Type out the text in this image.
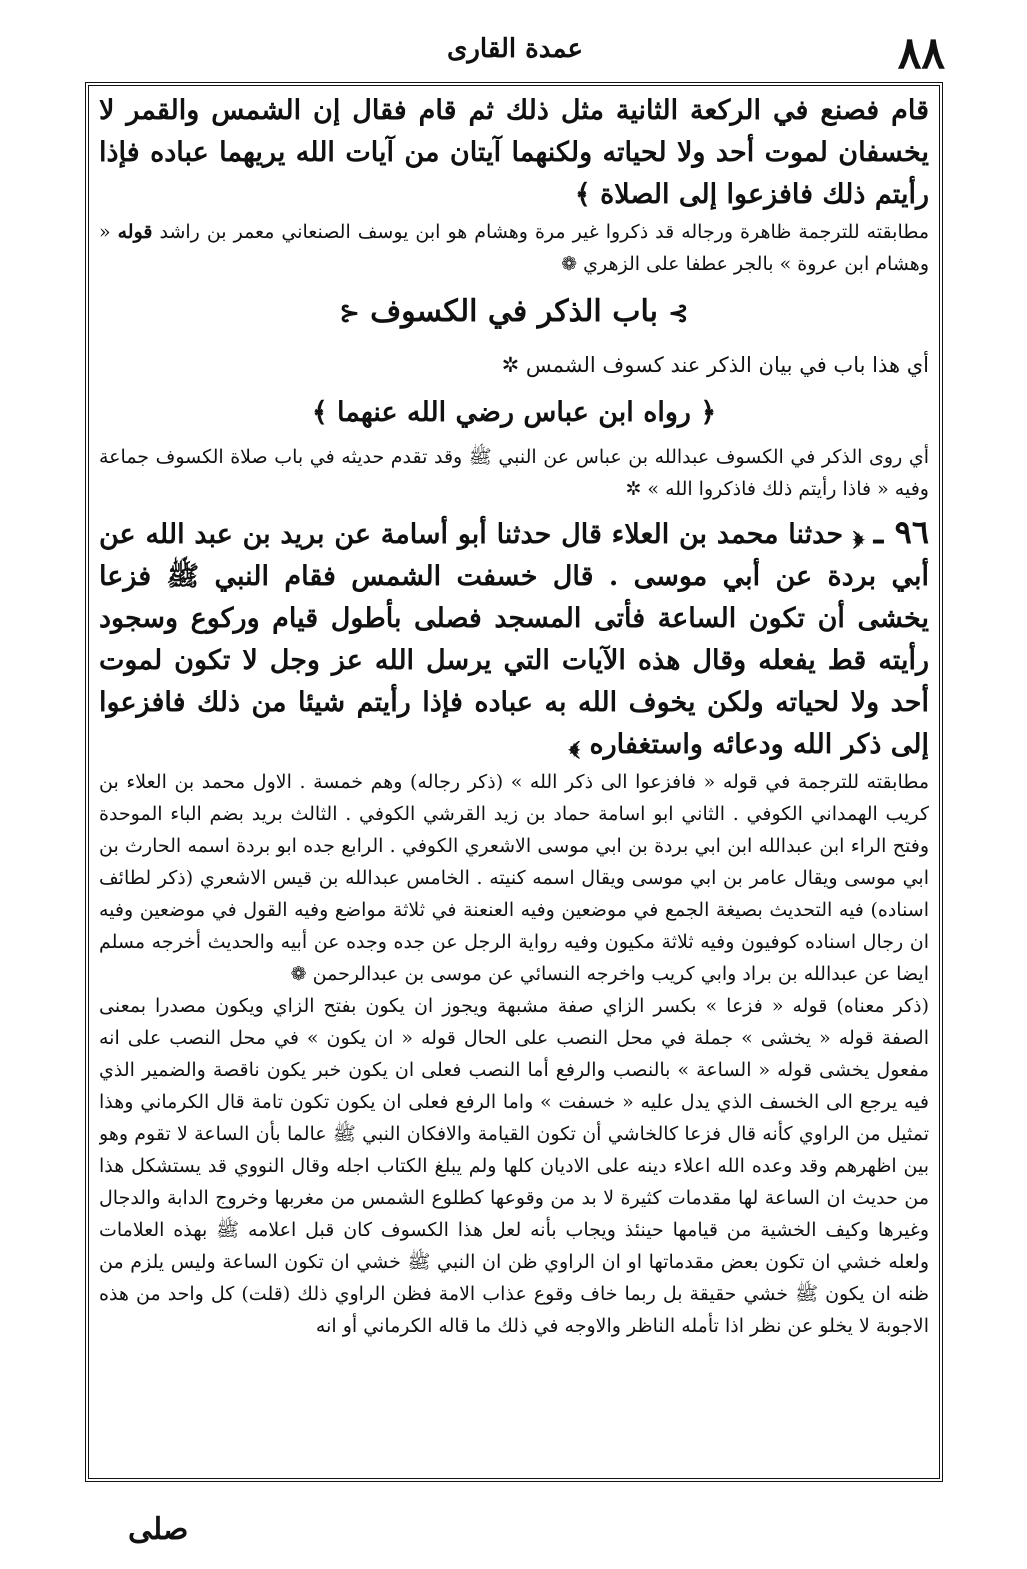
٨٨
عمدة القارى

قام فصنع في الركعة الثانية مثل ذلك ثم قام فقال إن الشمس والقمر لا يخسفان لموت أحد ولا لحياته ولكنهما آيتان من آيات الله يريهما عباده فإذا رأيتم ذلك فافزعوا إلى الصلاة ﴾

مطابقته للترجمة ظاهرة ورجاله قد ذكروا غير مرة وهشام هو ابن يوسف الصنعاني معمر بن راشد قوله « وهشام ابن عروة » بالجر عطفا على الزهري ❁

⊱ باب الذكر في الكسوف ⊰

أي هذا باب في بيان الذكر عند كسوف الشمس ✲

﴿ رواه ابن عباس رضي الله عنهما ﴾

أي روى الذكر في الكسوف عبدالله بن عباس عن النبي ﷺ وقد تقدم حديثه في باب صلاة الكسوف جماعة وفيه « فاذا رأيتم ذلك فاذكروا الله » ✲

٩٦ ـ ﴿ حدثنا محمد بن العلاء قال حدثنا أبو أسامة عن بريد بن عبد الله عن أبي بردة عن أبي موسى . قال خسفت الشمس فقام النبي ﷺ فزعا يخشى أن تكون الساعة فأتى المسجد فصلى بأطول قيام وركوع وسجود رأيته قط يفعله وقال هذه الآيات التي يرسل الله عز وجل لا تكون لموت أحد ولا لحياته ولكن يخوف الله به عباده فإذا رأيتم شيئا من ذلك فافزعوا إلى ذكر الله ودعائه واستغفاره ﴾

مطابقته للترجمة في قوله « فافزعوا الى ذكر الله » (ذكر رجاله) وهم خمسة . الاول محمد بن العلاء بن كريب الهمداني الكوفي . الثاني ابو اسامة حماد بن زيد القرشي الكوفي . الثالث بريد بضم الباء الموحدة وفتح الراء ابن عبدالله ابن ابي بردة بن ابي موسى الاشعري الكوفي . الرابع جده ابو بردة اسمه الحارث بن ابي موسى ويقال عامر بن ابي موسى ويقال اسمه كنيته . الخامس عبدالله بن قيس الاشعري (ذكر لطائف اسناده) فيه التحديث بصيغة الجمع في موضعين وفيه العنعنة في ثلاثة مواضع وفيه القول في موضعين وفيه ان رجال اسناده كوفيون وفيه ثلاثة مكيون وفيه رواية الرجل عن جده وجده عن أبيه والحديث أخرجه مسلم ايضا عن عبدالله بن براد وابي كريب واخرجه النسائي عن موسى بن عبدالرحمن ❁

(ذكر معناه) قوله « فزعا » بكسر الزاي صفة مشبهة ويجوز ان يكون بفتح الزاي ويكون مصدرا بمعنى الصفة قوله « يخشى » جملة في محل النصب على الحال قوله « ان يكون » في محل النصب على انه مفعول يخشى قوله « الساعة » بالنصب والرفع أما النصب فعلى ان يكون خبر يكون ناقصة والضمير الذي فيه يرجع الى الخسف الذي يدل عليه « خسفت » واما الرفع فعلى ان يكون تكون تامة قال الكرماني وهذا تمثيل من الراوي كأنه قال فزعا كالخاشي أن تكون القيامة والافكان النبي ﷺ عالما بأن الساعة لا تقوم وهو بين اظهرهم وقد وعده الله اعلاء دينه على الاديان كلها ولم يبلغ الكتاب اجله وقال النووي قد يستشكل هذا من حديث ان الساعة لها مقدمات كثيرة لا بد من وقوعها كطلوع الشمس من مغربها وخروج الدابة والدجال وغيرها وكيف الخشية من قيامها حينئذ ويجاب بأنه لعل هذا الكسوف كان قبل اعلامه ﷺ بهذه العلامات ولعله خشي ان تكون بعض مقدماتها او ان الراوي ظن ان النبي ﷺ خشي ان تكون الساعة وليس يلزم من ظنه ان يكون ﷺ خشي حقيقة بل ربما خاف وقوع عذاب الامة فظن الراوي ذلك (قلت) كل واحد من هذه الاجوبة لا يخلو عن نظر اذا تأمله الناظر والاوجه في ذلك ما قاله الكرماني أو انه

صلى
